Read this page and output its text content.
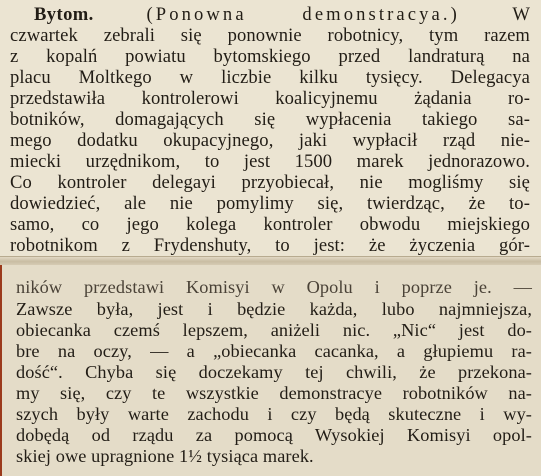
Bytom.	(Ponowna demonstracya.)	W
czwartek zebrali się ponownie robotnicy, tym razem
z kopalń powiatu bytomskiego przed landraturą na
placu Moltkego w liczbie kilku tysięcy. Delegacya
przedstawiła kontrolerowi koalicyjnemu żądania ro-
botników, domagających się wypłacenia takiego sa-
mego dodatku okupacyjnego, jaki wypłacił rząd nie-
miecki urzędnikom, to jest 1500 marek jednorazowo.
Co kontroler delegayi przyobiecał, nie mogliśmy się
dowiedzieć, ale nie pomylimy się, twierdząc, że to-
samo, co jego kolega kontroler obwodu miejskiego
robotnikom z Frydenshuty, to jest: że życzenia gór-
ników przedstawi Komisyi w Opolu i poprze je. —
Zawsze była, jest i będzie każda, lubo najmniejsza,
obiecanka czemś lepszem, aniżeli nic. „Nic“ jest do-
bre na oczy, — a „obiecanka cacanka, a głupiemu ra-
dość“. Chyba się doczekamy tej chwili, że przekona-
my się, czy te wszystkie demonstracye robotników na-
szych były warte zachodu i czy będą skuteczne i wy-
dobędą od rządu za pomocą Wysokiej Komisyi opol-
skiej owe upragnione 1½ tysiąca marek.
